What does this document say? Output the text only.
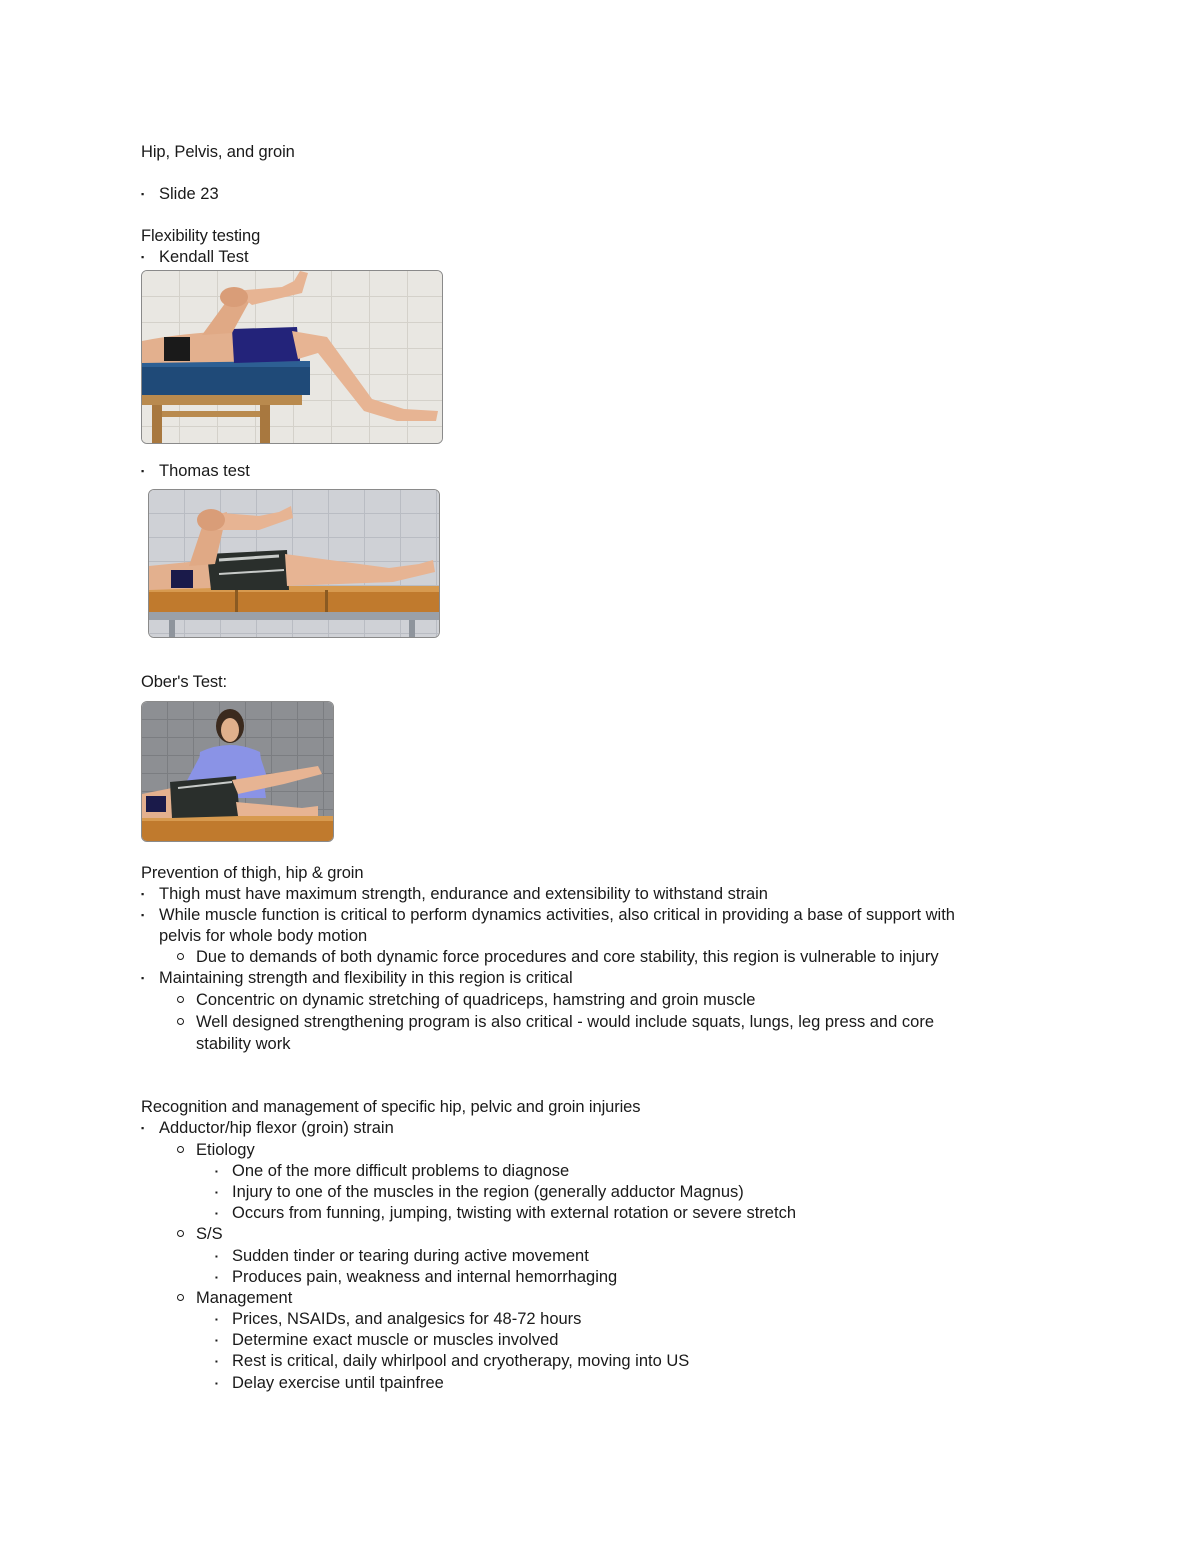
Hip, Pelvis, and groin
▪ Slide 23
Flexibility testing
▪ Kendall Test
▪ Thomas test
Ober's Test:
Prevention of thigh, hip & groin
▪ Thigh must have maximum strength, endurance and extensibility to withstand strain
▪ While muscle function is critical to perform dynamics activities, also critical in providing a base of support with
pelvis for whole body motion
Due to demands of both dynamic force procedures and core stability, this region is vulnerable to injury
▪ Maintaining strength and flexibility in this region is critical
Concentric on dynamic stretching of quadriceps, hamstring and groin muscle
Well designed strengthening program is also critical - would include squats, lungs, leg press and core
stability work
Recognition and management of specific hip, pelvic and groin injuries
▪ Adductor/hip flexor (groin) strain
Etiology
▪ One of the more difficult problems to diagnose
▪ Injury to one of the muscles in the region (generally adductor Magnus)
▪ Occurs from funning, jumping, twisting with external rotation or severe stretch
S/S
▪ Sudden tinder or tearing during active movement
▪ Produces pain, weakness and internal hemorrhaging
Management
▪ Prices, NSAIDs, and analgesics for 48-72 hours
▪ Determine exact muscle or muscles involved
▪ Rest is critical, daily whirlpool and cryotherapy, moving into US
▪ Delay exercise until tpainfree
